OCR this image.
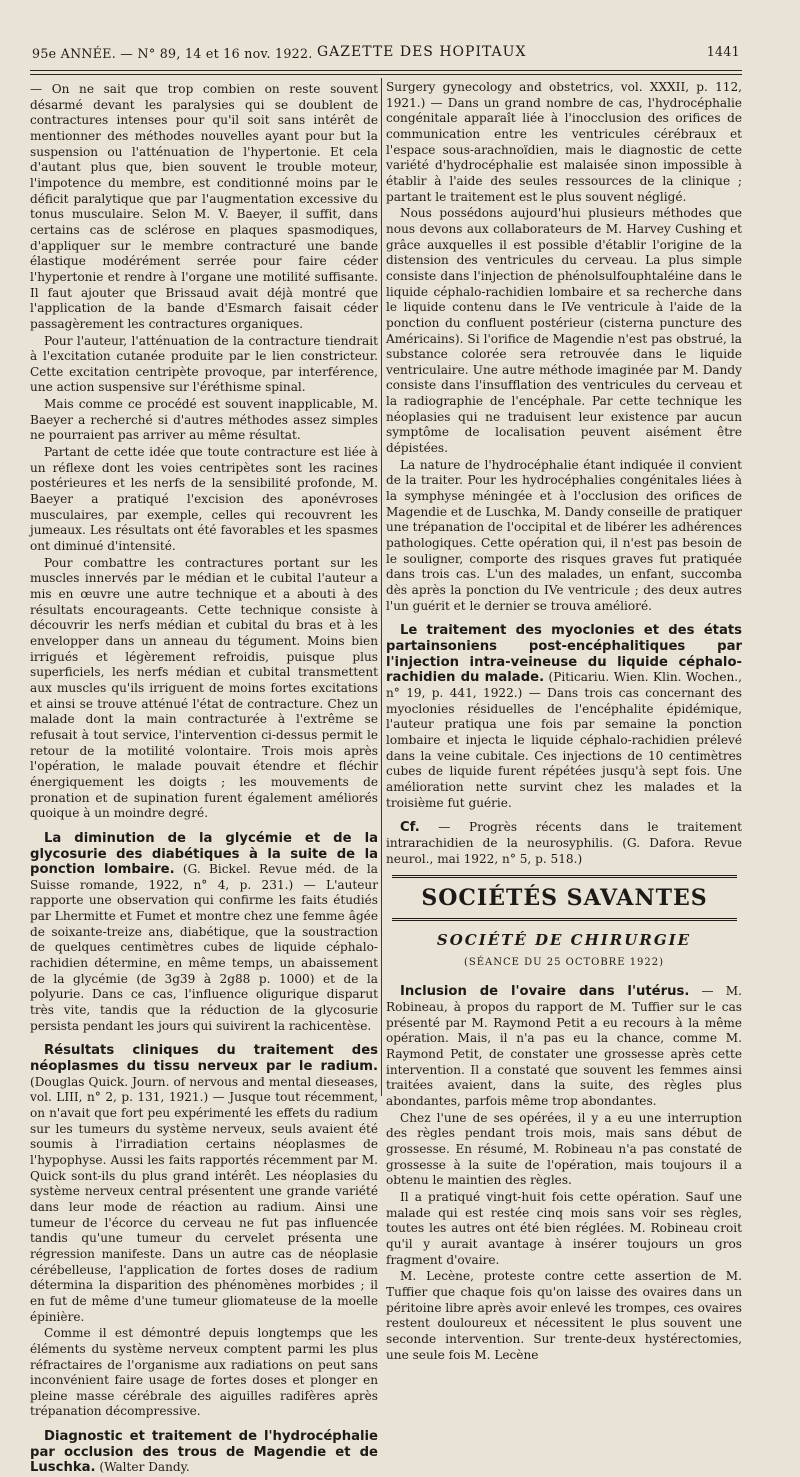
95e ANNÉE. — N° 89, 14 et 16 nov. 1922. GAZETTE DES HOPITAUX	1441

— On ne sait que trop combien on reste souvent désarmé devant les paralysies qui se doublent de contractures intenses pour qu'il soit sans intérêt de mentionner des méthodes nouvelles ayant pour but la suspension ou l'atténuation de l'hypertonie. Et cela d'autant plus que, bien souvent le trouble moteur, l'impotence du membre, est conditionné moins par le déficit paralytique que par l'augmentation excessive du tonus musculaire. Selon M. V. Baeyer, il suffit, dans certains cas de sclérose en plaques spasmodiques, d'appliquer sur le membre contracturé une bande élastique modérément serrée pour faire céder l'hypertonie et rendre à l'organe une motilité suffisante. Il faut ajouter que Brissaud avait déjà montré que l'application de la bande d'Esmarch faisait céder passagèrement les contractures organiques.

Pour l'auteur, l'atténuation de la contracture tiendrait à l'excitation cutanée produite par le lien constricteur. Cette excitation centripète provoque, par interférence, une action suspensive sur l'éréthisme spinal.

Mais comme ce procédé est souvent inapplicable, M. Baeyer a recherché si d'autres méthodes assez simples ne pourraient pas arriver au même résultat.

Partant de cette idée que toute contracture est liée à un réflexe dont les voies centripètes sont les racines postérieures et les nerfs de la sensibilité profonde, M. Baeyer a pratiqué l'excision des aponévroses musculaires, par exemple, celles qui recouvrent les jumeaux. Les résultats ont été favorables et les spasmes ont diminué d'intensité.

Pour combattre les contractures portant sur les muscles innervés par le médian et le cubital l'auteur a mis en œuvre une autre technique et a abouti à des résultats encourageants. Cette technique consiste à découvrir les nerfs médian et cubital du bras et à les envelopper dans un anneau du tégument. Moins bien irrigués et légèrement refroidis, puisque plus superficiels, les nerfs médian et cubital transmettent aux muscles qu'ils irriguent de moins fortes excitations et ainsi se trouve atténué l'état de contracture. Chez un malade dont la main contracturée à l'extrême se refusait à tout service, l'intervention ci-dessus permit le retour de la motilité volontaire. Trois mois après l'opération, le malade pouvait étendre et fléchir énergiquement les doigts ; les mouvements de pronation et de supination furent également améliorés quoique à un moindre degré.

La diminution de la glycémie et de la glycosurie des diabétiques à la suite de la ponction lombaire. (G. Bickel. Revue méd. de la Suisse romande, 1922, n° 4, p. 231.) — L'auteur rapporte une observation qui confirme les faits étudiés par Lhermitte et Fumet et montre chez une femme âgée de soixante-treize ans, diabétique, que la soustraction de quelques centimètres cubes de liquide céphalo-rachidien détermine, en même temps, un abaissement de la glycémie (de 3g39 à 2g88 p. 1000) et de la polyurie. Dans ce cas, l'influence oligurique disparut très vite, tandis que la réduction de la glycosurie persista pendant les jours qui suivirent la rachicentèse.

Résultats cliniques du traitement des néoplasmes du tissu nerveux par le radium. (Douglas Quick. Journ. of nervous and mental dieseases, vol. LIII, n° 2, p. 131, 1921.) — Jusque tout récemment, on n'avait que fort peu expérimenté les effets du radium sur les tumeurs du système nerveux, seuls avaient été soumis à l'irradiation certains néoplasmes de l'hypophyse. Aussi les faits rapportés récemment par M. Quick sont-ils du plus grand intérêt. Les néoplasies du système nerveux central présentent une grande variété dans leur mode de réaction au radium. Ainsi une tumeur de l'écorce du cerveau ne fut pas influencée tandis qu'une tumeur du cervelet présenta une régression manifeste. Dans un autre cas de néoplasie cérébelleuse, l'application de fortes doses de radium détermina la disparition des phénomènes morbides ; il en fut de même d'une tumeur gliomateuse de la moelle épinière.

Comme il est démontré depuis longtemps que les éléments du système nerveux comptent parmi les plus réfractaires de l'organisme aux radiations on peut sans inconvénient faire usage de fortes doses et plonger en pleine masse cérébrale des aiguilles radifères après trépanation décompressive.

Diagnostic et traitement de l'hydrocéphalie par occlusion des trous de Magendie et de Luschka. (Walter Dandy.

Surgery gynecology and obstetrics, vol. XXXII, p. 112, 1921.) — Dans un grand nombre de cas, l'hydrocéphalie congénitale apparaît liée à l'inocclusion des orifices de communication entre les ventricules cérébraux et l'espace sous-arachnoïdien, mais le diagnostic de cette variété d'hydrocéphalie est malaisée sinon impossible à établir à l'aide des seules ressources de la clinique ; partant le traitement est le plus souvent négligé.

Nous possédons aujourd'hui plusieurs méthodes que nous devons aux collaborateurs de M. Harvey Cushing et grâce auxquelles il est possible d'établir l'origine de la distension des ventricules du cerveau. La plus simple consiste dans l'injection de phénolsulfouphtaléine dans le liquide céphalo-rachidien lombaire et sa recherche dans le liquide contenu dans le IVe ventricule à l'aide de la ponction du confluent postérieur (cisterna puncture des Américains). Si l'orifice de Magendie n'est pas obstrué, la substance colorée sera retrouvée dans le liquide ventriculaire. Une autre méthode imaginée par M. Dandy consiste dans l'insufflation des ventricules du cerveau et la radiographie de l'encéphale. Par cette technique les néoplasies qui ne traduisent leur existence par aucun symptôme de localisation peuvent aisément être dépistées.

La nature de l'hydrocéphalie étant indiquée il convient de la traiter. Pour les hydrocéphalies congénitales liées à la symphyse méningée et à l'occlusion des orifices de Magendie et de Luschka, M. Dandy conseille de pratiquer une trépanation de l'occipital et de libérer les adhérences pathologiques. Cette opération qui, il n'est pas besoin de le souligner, comporte des risques graves fut pratiquée dans trois cas. L'un des malades, un enfant, succomba dès après la ponction du IVe ventricule ; des deux autres l'un guérit et le dernier se trouva amélioré.

Le traitement des myoclonies et des états partainsoniens post-encéphalitiques par l'injection intra-veineuse du liquide céphalo-rachidien du malade. (Piticariu. Wien. Klin. Wochen., n° 19, p. 441, 1922.) — Dans trois cas concernant des myoclonies résiduelles de l'encéphalite épidémique, l'auteur pratiqua une fois par semaine la ponction lombaire et injecta le liquide céphalo-rachidien prélevé dans la veine cubitale. Ces injections de 10 centimètres cubes de liquide furent répétées jusqu'à sept fois. Une amélioration nette survint chez les malades et la troisième fut guérie.

Cf. — Progrès récents dans le traitement intrarachidien de la neurosyphilis. (G. Dafora. Revue neurol., mai 1922, n° 5, p. 518.)

SOCIÉTÉS SAVANTES
SOCIÉTÉ DE CHIRURGIE
(SÉANCE DU 25 OCTOBRE 1922)

Inclusion de l'ovaire dans l'utérus. — M. Robineau, à propos du rapport de M. Tuffier sur le cas présenté par M. Raymond Petit a eu recours à la même opération. Mais, il n'a pas eu la chance, comme M. Raymond Petit, de constater une grossesse après cette intervention. Il a constaté que souvent les femmes ainsi traitées avaient, dans la suite, des règles plus abondantes, parfois même trop abondantes.

Chez l'une de ses opérées, il y a eu une interruption des règles pendant trois mois, mais sans début de grossesse. En résumé, M. Robineau n'a pas constaté de grossesse à la suite de l'opération, mais toujours il a obtenu le maintien des règles.

Il a pratiqué vingt-huit fois cette opération. Sauf une malade qui est restée cinq mois sans voir ses règles, toutes les autres ont été bien réglées. M. Robineau croit qu'il y aurait avantage à insérer toujours un gros fragment d'ovaire.

M. Lecène, proteste contre cette assertion de M. Tuffier que chaque fois qu'on laisse des ovaires dans un péritoine libre après avoir enlevé les trompes, ces ovaires restent douloureux et nécessitent le plus souvent une seconde intervention. Sur trente-deux hystérectomies, une seule fois M. Lecène
